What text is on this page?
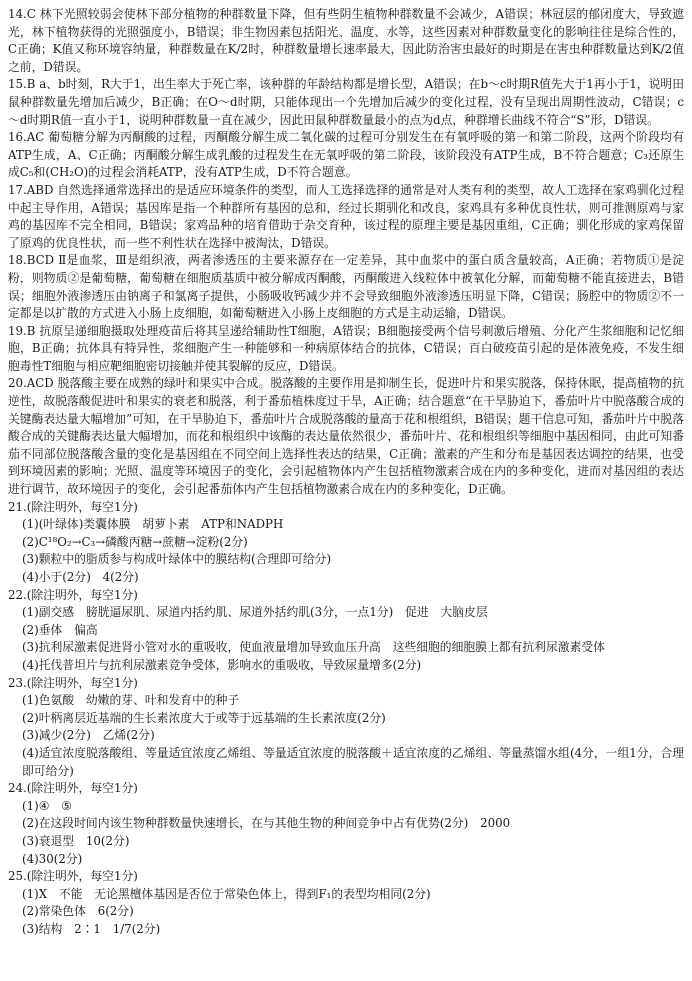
14.C 林下光照较弱会使林下部分植物的种群数量下降，但有些阴生植物种群数量不会减少，A错误；林冠层的郁闭度大，导致遮光，林下植物获得的光照强度小，B错误；非生物因素包括阳光、温度、水等，这些因素对种群数量变化的影响往往是综合性的，C正确；K值又称环境容纳量，种群数量在K/2时，种群数量增长速率最大，因此防治害虫最好的时期是在害虫种群数量达到K/2值之前，D错误。
15.B a、b时刻，R大于1，出生率大于死亡率，该种群的年龄结构都是增长型，A错误；在b～c时期R值先大于1再小于1，说明田鼠种群数量先增加后减少，B正确；在O～d时期，只能体现出一个先增加后减少的变化过程，没有呈现出周期性波动，C错误；c～d时期R值一直小于1，说明种群数量一直在减少，因此田鼠种群数量最小的点为d点，种群增长曲线不符合“S”形，D错误。
16.AC 葡萄糖分解为丙酮酸的过程，丙酮酸分解生成二氧化碳的过程可分别发生在有氧呼吸的第一和第二阶段，这两个阶段均有ATP生成，A、C正确；丙酮酸分解生成乳酸的过程发生在无氧呼吸的第二阶段，该阶段没有ATP生成，B不符合题意；C₃还原生成C₅和(CH₂O)的过程会消耗ATP，没有ATP生成，D不符合题意。
17.ABD 自然选择通常选择出的是适应环境条件的类型，而人工选择选择的通常是对人类有利的类型，故人工选择在家鸡驯化过程中起主导作用，A错误；基因库是指一个种群所有基因的总和，经过长期驯化和改良，家鸡具有多种优良性状，则可推测原鸡与家鸡的基因库不完全相同，B错误；家鸡品种的培育借助于杂交育种，该过程的原理主要是基因重组，C正确；驯化形成的家鸡保留了原鸡的优良性状，而一些不利性状在选择中被淘汰，D错误。
18.BCD Ⅱ是血浆，Ⅲ是组织液，两者渗透压的主要来源存在一定差异，其中血浆中的蛋白质含量较高，A正确；若物质①是淀粉，则物质②是葡萄糖，葡萄糖在细胞质基质中被分解成丙酮酸，丙酮酸进入线粒体中被氧化分解，而葡萄糖不能直接进去，B错误；细胞外液渗透压由钠离子和氯离子提供，小肠吸收钙减少并不会导致细胞外液渗透压明显下降，C错误；肠腔中的物质②不一定都是以扩散的方式进入小肠上皮细胞，如葡萄糖进入小肠上皮细胞的方式是主动运输，D错误。
19.B 抗原呈递细胞摄取处理疫苗后将其呈递给辅助性T细胞，A错误；B细胞接受两个信号刺激后增殖、分化产生浆细胞和记忆细胞，B正确；抗体具有特异性，浆细胞产生一种能够和一种病原体结合的抗体，C错误；百白破疫苗引起的是体液免疫，不发生细胞毒性T细胞与相应靶细胞密切接触并使其裂解的反应，D错误。
20.ACD 脱落酸主要在成熟的绿叶和果实中合成。脱落酸的主要作用是抑制生长，促进叶片和果实脱落，保持休眠，提高植物的抗逆性，故脱落酸促进叶和果实的衰老和脱落，利于番茄植株度过干旱，A正确；结合题意“在干旱胁迫下，番茄叶片中脱落酸合成的关键酶表达量大幅增加”可知，在干旱胁迫下，番茄叶片合成脱落酸的量高于花和根组织，B错误；题干信息可知，番茄叶片中脱落酸合成的关键酶表达量大幅增加，而花和根组织中该酶的表达量依然很少，番茄叶片、花和根组织等细胞中基因相同，由此可知番茄不同部位脱落酸含量的变化是基因组在不同空间上选择性表达的结果，C正确；激素的产生和分布是基因表达调控的结果，也受到环境因素的影响；光照、温度等环境因子的变化，会引起植物体内产生包括植物激素合成在内的多种变化，进而对基因组的表达进行调节，故环境因子的变化，会引起番茄体内产生包括植物激素合成在内的多种变化，D正确。
21.(除注明外，每空1分)
(1)(叶绿体)类囊体膜　胡萝卜素　ATP和NADPH
(2)C¹⁸O₂→C₃→磷酸丙糖→蔗糖→淀粉(2分)
(3)颗粒中的脂质参与构成叶绿体中的膜结构(合理即可给分)
(4)小于(2分)　4(2分)
22.(除注明外，每空1分)
(1)副交感　膀胱逼尿肌、尿道内括约肌、尿道外括约肌(3分，一点1分)　促进　大脑皮层
(2)垂体　偏高
(3)抗利尿激素促进肾小管对水的重吸收，使血液量增加导致血压升高　这些细胞的细胞膜上都有抗利尿激素受体
(4)托伐普坦片与抗利尿激素竞争受体，影响水的重吸收，导致尿量增多(2分)
23.(除注明外，每空1分)
(1)色氨酸　幼嫩的芽、叶和发育中的种子
(2)叶柄离层近基端的生长素浓度大于或等于远基端的生长素浓度(2分)
(3)减少(2分)　乙烯(2分)
(4)适宜浓度脱落酸组、等量适宜浓度乙烯组、等量适宜浓度的脱落酸＋适宜浓度的乙烯组、等量蒸馏水组(4分，一组1分，合理即可给分)
24.(除注明外，每空1分)
(1)④　⑤
(2)在这段时间内该生物种群数量快速增长，在与其他生物的种间竞争中占有优势(2分)　2000
(3)衰退型　10(2分)
(4)30(2分)
25.(除注明外，每空1分)
(1)X　不能　无论黑檀体基因是否位于常染色体上，得到F₁的表型均相同(2分)
(2)常染色体　6(2分)
(3)结构　2∶1　1/7(2分)
